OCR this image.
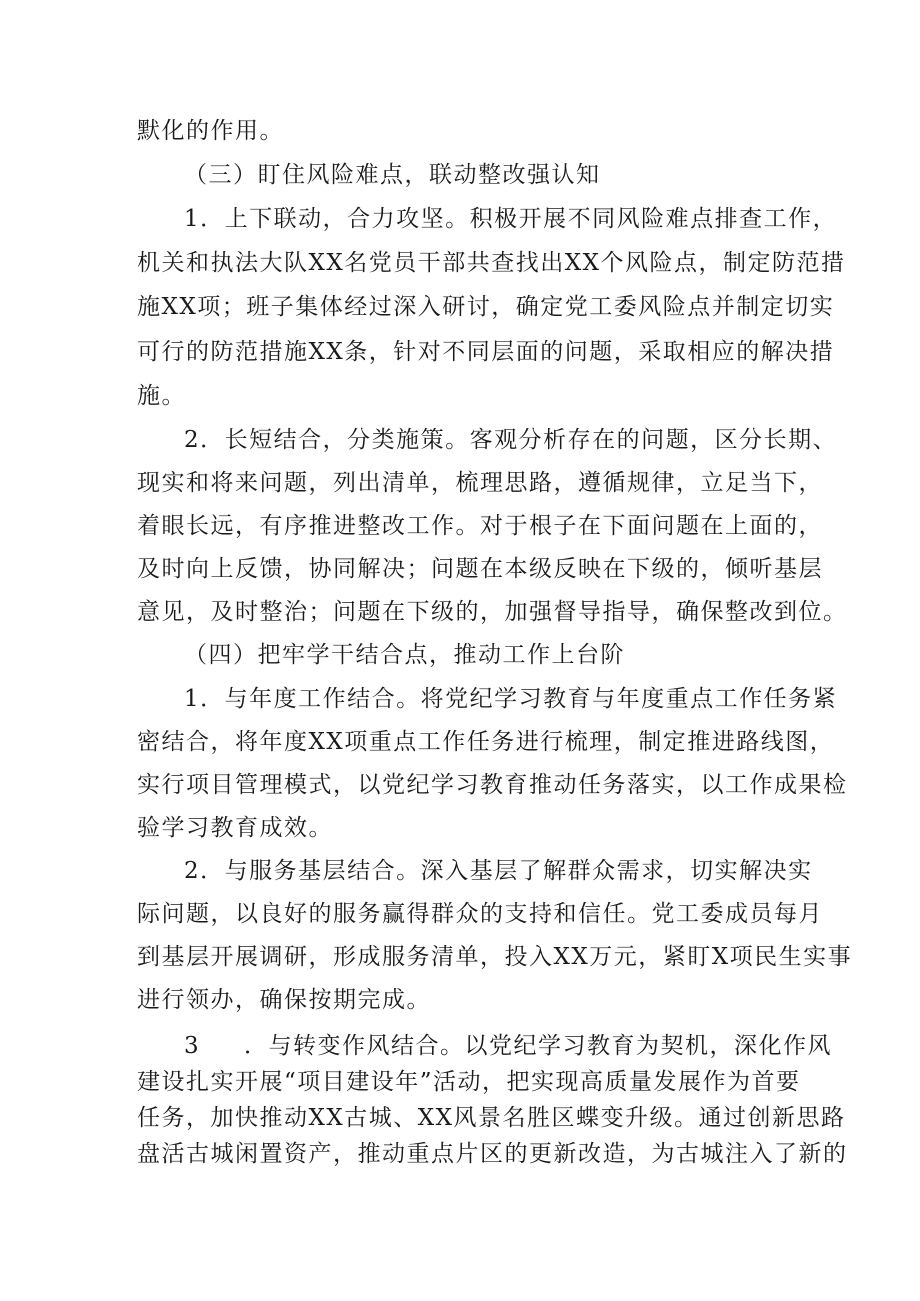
默化的作用。
（三）盯住风险难点，联动整改强认知
1．上下联动，合力攻坚。积极开展不同风险难点排查工作，
机关和执法大队XX名党员干部共查找出XX个风险点，制定防范措
施XX项；班子集体经过深入研讨，确定党工委风险点并制定切实
可行的防范措施XX条，针对不同层面的问题，采取相应的解决措
施。
2．长短结合，分类施策。客观分析存在的问题，区分长期、
现实和将来问题，列出清单，梳理思路，遵循规律，立足当下，
着眼长远，有序推进整改工作。对于根子在下面问题在上面的，
及时向上反馈，协同解决；问题在本级反映在下级的，倾听基层
意见，及时整治；问题在下级的，加强督导指导，确保整改到位。
（四）把牢学干结合点，推动工作上台阶
1．与年度工作结合。将党纪学习教育与年度重点工作任务紧
密结合，将年度XX项重点工作任务进行梳理，制定推进路线图，
实行项目管理模式，以党纪学习教育推动任务落实，以工作成果检
验学习教育成效。
2．与服务基层结合。深入基层了解群众需求，切实解决实
际问题，以良好的服务赢得群众的支持和信任。党工委成员每月
到基层开展调研，形成服务清单，投入XX万元，紧盯X项民生实事
进行领办，确保按期完成。
3 ．与转变作风结合。以党纪学习教育为契机，深化作风
建设扎实开展“项目建设年”活动，把实现高质量发展作为首要
任务，加快推动XX古城、XX风景名胜区蝶变升级。通过创新思路
盘活古城闲置资产，推动重点片区的更新改造，为古城注入了新的
